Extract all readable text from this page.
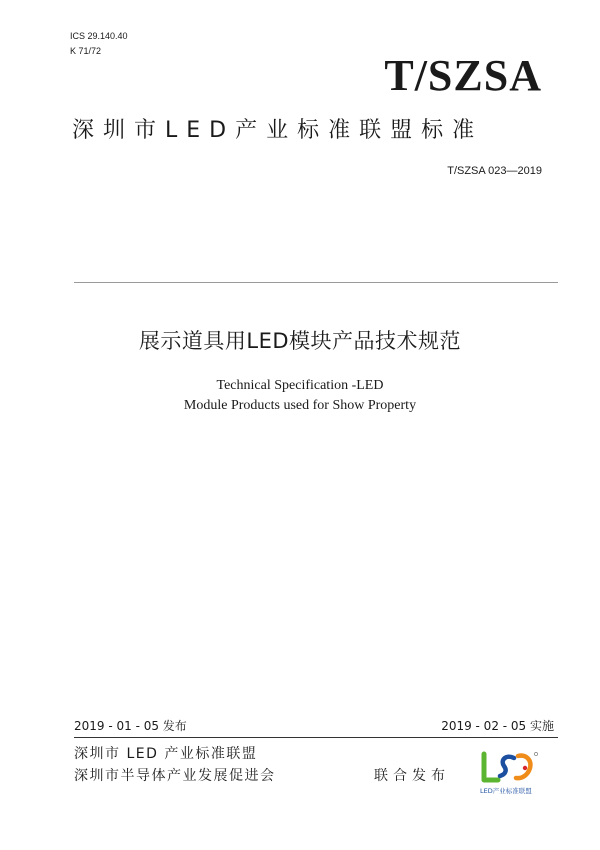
ICS 29.140.40
K 71/72	T/SZSA
深圳市LED产业标准联盟标准
T/SZSA 023—2019
展示道具用LED模块产品技术规范
Technical Specification -LED
Module Products used for Show Property
2019 - 01 - 05 发布	2019 - 02 - 05 实施
深圳市 LED 产业标准联盟
深圳市半导体产业发展促进会	联合发布
LED产业标准联盟
